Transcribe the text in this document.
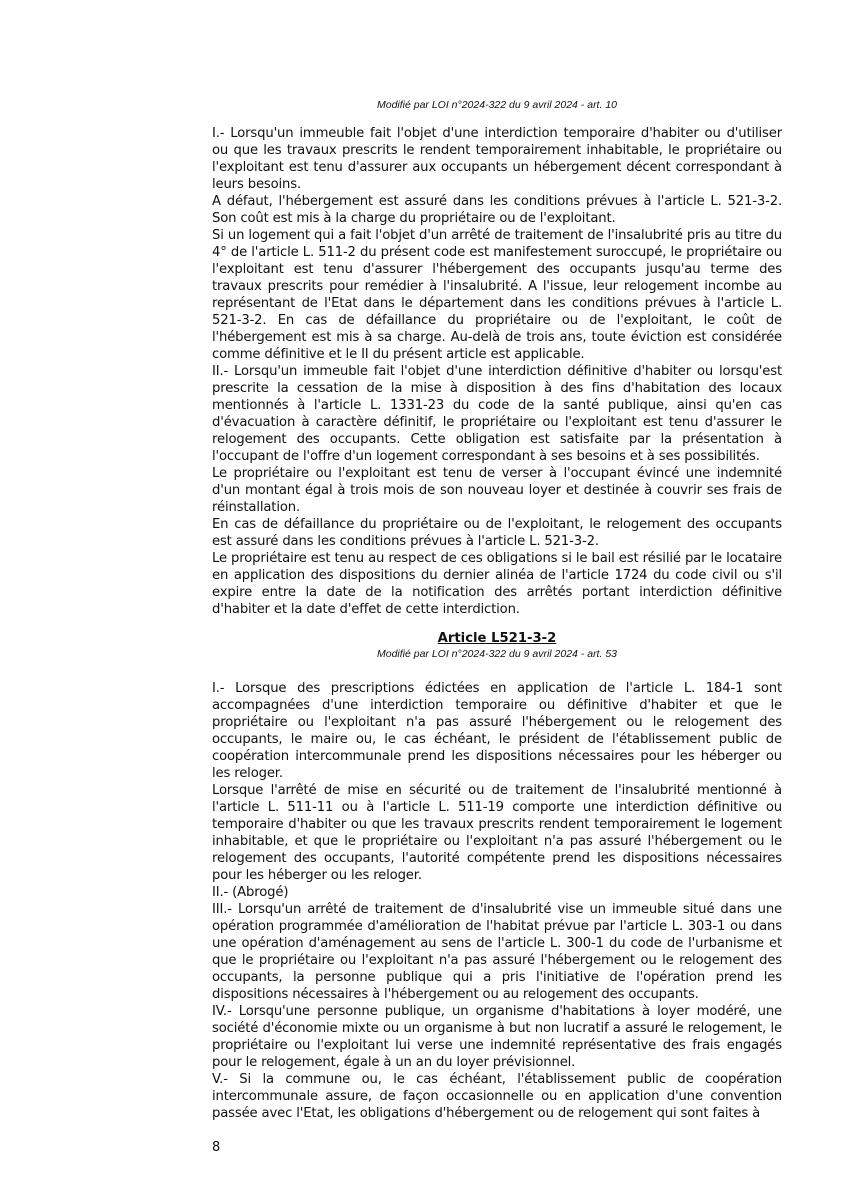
Modifié par LOI n°2024-322 du 9 avril 2024 - art. 10

I.- Lorsqu'un immeuble fait l'objet d'une interdiction temporaire d'habiter ou d'utiliser ou que les travaux prescrits le rendent temporairement inhabitable, le propriétaire ou l'exploitant est tenu d'assurer aux occupants un hébergement décent correspondant à leurs besoins.

A défaut, l'hébergement est assuré dans les conditions prévues à l'article L. 521-3-2. Son coût est mis à la charge du propriétaire ou de l'exploitant.

Si un logement qui a fait l'objet d'un arrêté de traitement de l'insalubrité pris au titre du 4° de l'article L. 511-2 du présent code est manifestement suroccupé, le propriétaire ou l'exploitant est tenu d'assurer l'hébergement des occupants jusqu'au terme des travaux prescrits pour remédier à l'insalubrité. A l'issue, leur relogement incombe au représentant de l'Etat dans le département dans les conditions prévues à l'article L. 521-3-2. En cas de défaillance du propriétaire ou de l'exploitant, le coût de l'hébergement est mis à sa charge. Au-delà de trois ans, toute éviction est considérée comme définitive et le II du présent article est applicable.

II.- Lorsqu'un immeuble fait l'objet d'une interdiction définitive d'habiter ou lorsqu'est prescrite la cessation de la mise à disposition à des fins d'habitation des locaux mentionnés à l'article L. 1331-23 du code de la santé publique, ainsi qu'en cas d'évacuation à caractère définitif, le propriétaire ou l'exploitant est tenu d'assurer le relogement des occupants. Cette obligation est satisfaite par la présentation à l'occupant de l'offre d'un logement correspondant à ses besoins et à ses possibilités.

Le propriétaire ou l'exploitant est tenu de verser à l'occupant évincé une indemnité d'un montant égal à trois mois de son nouveau loyer et destinée à couvrir ses frais de réinstallation.

En cas de défaillance du propriétaire ou de l'exploitant, le relogement des occupants est assuré dans les conditions prévues à l'article L. 521-3-2.

Le propriétaire est tenu au respect de ces obligations si le bail est résilié par le locataire en application des dispositions du dernier alinéa de l'article 1724 du code civil ou s'il expire entre la date de la notification des arrêtés portant interdiction définitive d'habiter et la date d'effet de cette interdiction.

Article L521-3-2

Modifié par LOI n°2024-322 du 9 avril 2024 - art. 53

I.- Lorsque des prescriptions édictées en application de l'article L. 184-1 sont accompagnées d'une interdiction temporaire ou définitive d'habiter et que le propriétaire ou l'exploitant n'a pas assuré l'hébergement ou le relogement des occupants, le maire ou, le cas échéant, le président de l'établissement public de coopération intercommunale prend les dispositions nécessaires pour les héberger ou les reloger.

Lorsque l'arrêté de mise en sécurité ou de traitement de l'insalubrité mentionné à l'article L. 511-11 ou à l'article L. 511-19 comporte une interdiction définitive ou temporaire d'habiter ou que les travaux prescrits rendent temporairement le logement inhabitable, et que le propriétaire ou l'exploitant n'a pas assuré l'hébergement ou le relogement des occupants, l'autorité compétente prend les dispositions nécessaires pour les héberger ou les reloger.

II.- (Abrogé)

III.- Lorsqu'un arrêté de traitement de d'insalubrité vise un immeuble situé dans une opération programmée d'amélioration de l'habitat prévue par l'article L. 303-1 ou dans une opération d'aménagement au sens de l'article L. 300-1 du code de l'urbanisme et que le propriétaire ou l'exploitant n'a pas assuré l'hébergement ou le relogement des occupants, la personne publique qui a pris l'initiative de l'opération prend les dispositions nécessaires à l'hébergement ou au relogement des occupants.

IV.- Lorsqu'une personne publique, un organisme d'habitations à loyer modéré, une société d'économie mixte ou un organisme à but non lucratif a assuré le relogement, le propriétaire ou l'exploitant lui verse une indemnité représentative des frais engagés pour le relogement, égale à un an du loyer prévisionnel.

V.- Si la commune ou, le cas échéant, l'établissement public de coopération intercommunale assure, de façon occasionnelle ou en application d'une convention passée avec l'Etat, les obligations d'hébergement ou de relogement qui sont faites à

8
